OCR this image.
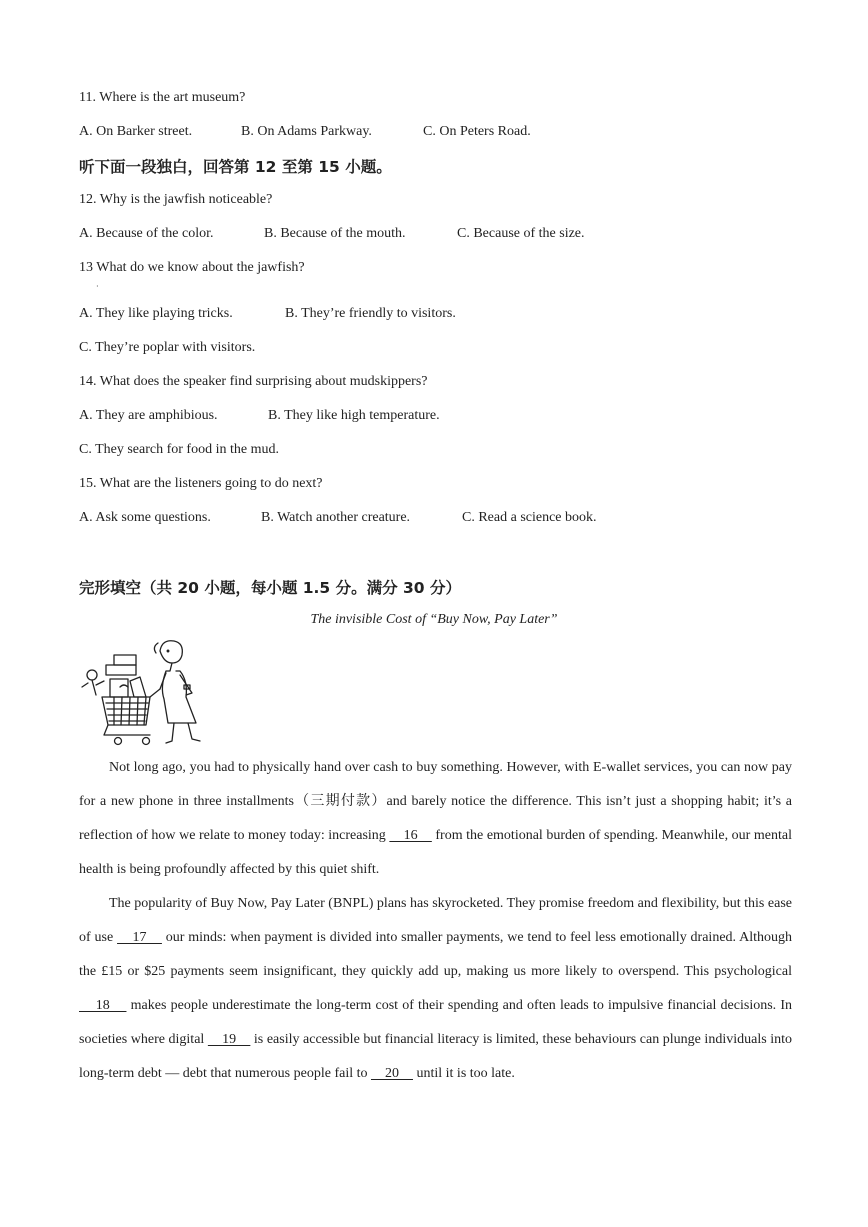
11. Where is the art museum?
A. On Barker street.	B. On Adams Parkway.	C. On Peters Road.
听下面一段独白，回答第 12 至第 15 小题。
12. Why is the jawfish noticeable?
A. Because of the color.	B. Because of the mouth.	C. Because of the size.
13 What do we know about the jawfish?
·
A. They like playing tricks.	B. They’re friendly to visitors.
C. They’re poplar with visitors.
14. What does the speaker find surprising about mudskippers?
A. They are amphibious.	B. They like high temperature.
C. They search for food in the mud.
15. What are the listeners going to do next?
A. Ask some questions.	B. Watch another creature.	C. Read a science book.
完形填空（共 20 小题，每小题 1.5 分。满分 30 分）
The invisible Cost of “Buy Now, Pay Later”

Not long ago, you had to physically hand over cash to buy something. However, with E-wallet services, you can now pay for a new phone in three installments（三期付款）and barely notice the difference. This isn’t just a shopping habit; it’s a reflection of how we relate to money today: increasing     16     from the emotional burden of spending. Meanwhile, our mental health is being profoundly affected by this quiet shift.

The popularity of Buy Now, Pay Later (BNPL) plans has skyrocketed. They promise freedom and flexibility, but this ease of use     17     our minds: when payment is divided into smaller payments, we tend to feel less emotionally drained. Although the £15 or $25 payments seem insignificant, they quickly add up, making us more likely to overspend. This psychological     18     makes people underestimate the long-term cost of their spending and often leads to impulsive financial decisions. In societies where digital     19     is easily accessible but financial literacy is limited, these behaviours can plunge individuals into long-term debt — debt that numerous people fail to     20     until it is too late.
